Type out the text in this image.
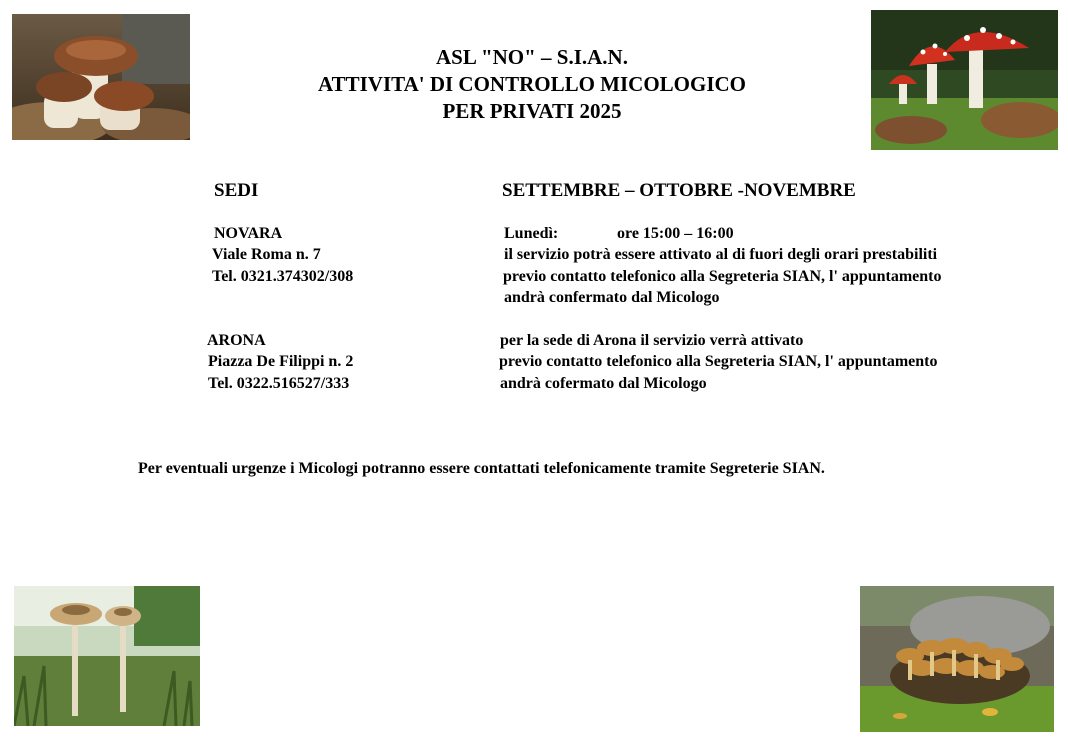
ASL "NO" – S.I.A.N.
ATTIVITA' DI CONTROLLO MICOLOGICO
PER PRIVATI 2025
SEDI	SETTEMBRE – OTTOBRE -NOVEMBRE
NOVARA
Viale Roma n. 7
Tel. 0321.374302/308
Lunedì:	ore 15:00 – 16:00
il servizio potrà essere attivato al di fuori degli orari prestabiliti
previo contatto telefonico alla Segreteria SIAN, l' appuntamento
andrà confermato dal Micologo
ARONA
Piazza De Filippi n. 2
Tel. 0322.516527/333
per la sede di Arona il servizio verrà attivato
previo contatto telefonico alla Segreteria SIAN, l' appuntamento
andrà cofermato dal Micologo
Per eventuali urgenze i Micologi potranno essere contattati telefonicamente tramite Segreterie SIAN.
